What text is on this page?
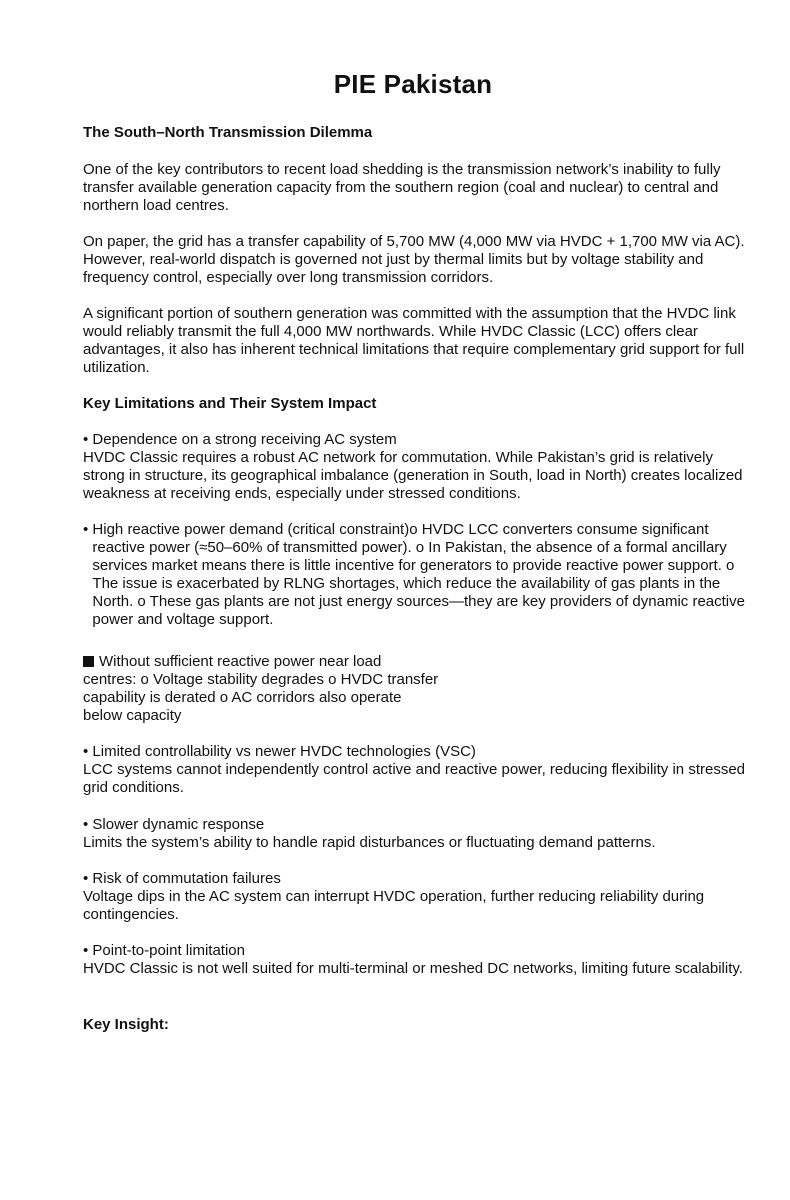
PIE Pakistan

The South–North Transmission Dilemma

One of the key contributors to recent load shedding is the transmission network’s inability to fully transfer available generation capacity from the southern region (coal and nuclear) to central and northern load centres.

On paper, the grid has a transfer capability of 5,700 MW (4,000 MW via HVDC + 1,700 MW via AC). However, real-world dispatch is governed not just by thermal limits but by voltage stability and frequency control, especially over long transmission corridors.

A significant portion of southern generation was committed with the assumption that the HVDC link would reliably transmit the full 4,000 MW northwards. While HVDC Classic (LCC) offers clear advantages, it also has inherent technical limitations that require complementary grid support for full utilization.

Key Limitations and Their System Impact

• Dependence on a strong receiving AC system
HVDC Classic requires a robust AC network for commutation. While Pakistan’s grid is relatively strong in structure, its geographical imbalance (generation in South, load in North) creates localized weakness at receiving ends, especially under stressed conditions.
• High reactive power demand (critical constraint)o HVDC LCC converters consume significant reactive power (≈50–60% of transmitted power). o In Pakistan, the absence of a formal ancillary services market means there is little incentive for generators to provide reactive power support. o The issue is exacerbated by RLNG shortages, which reduce the availability of gas plants in the North. o These gas plants are not just energy sources—they are key providers of dynamic reactive power and voltage support.
Without sufficient reactive power near load
centres: o Voltage stability degrades o HVDC transfer
capability is derated o AC corridors also operate
below capacity
• Limited controllability vs newer HVDC technologies (VSC)
LCC systems cannot independently control active and reactive power, reducing flexibility in stressed grid conditions.
• Slower dynamic response
Limits the system’s ability to handle rapid disturbances or fluctuating demand patterns.
• Risk of commutation failures
Voltage dips in the AC system can interrupt HVDC operation, further reducing reliability during contingencies.
• Point-to-point limitation
HVDC Classic is not well suited for multi-terminal or meshed DC networks, limiting future scalability.

Key Insight:
